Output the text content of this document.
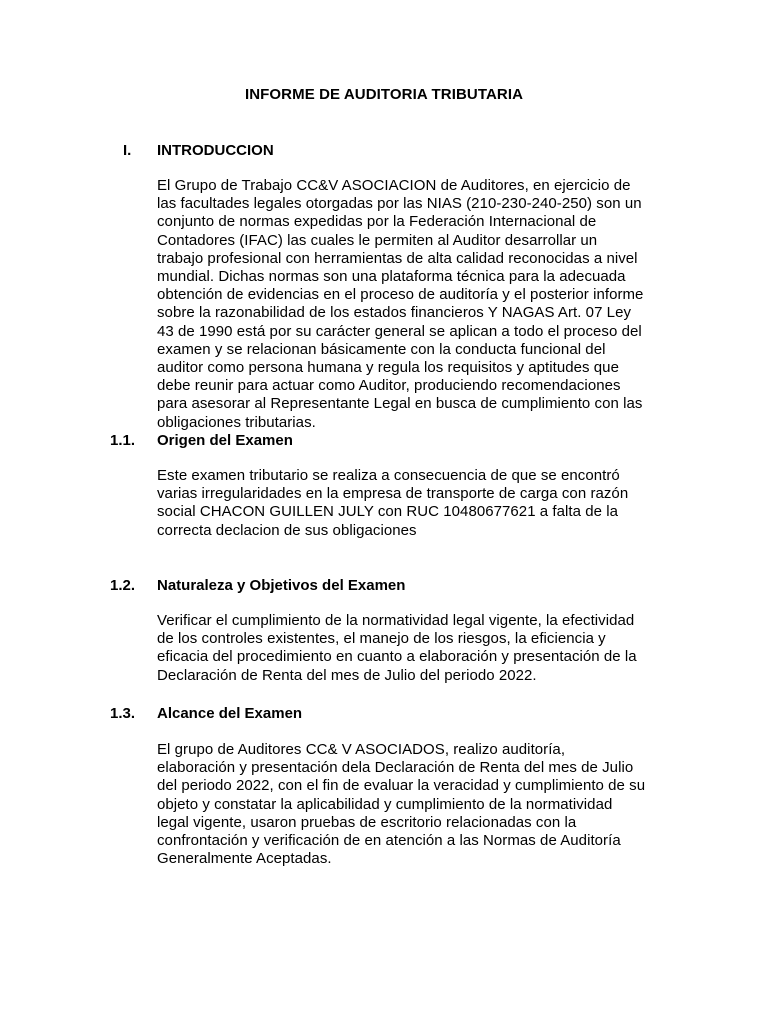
INFORME DE AUDITORIA TRIBUTARIA
I. INTRODUCCION
El Grupo de Trabajo CC&V ASOCIACION de Auditores, en ejercicio de
las facultades legales otorgadas por las NIAS (210-230-240-250) son un
conjunto de normas expedidas por la Federación Internacional de
Contadores (IFAC) las cuales le permiten al Auditor desarrollar un
trabajo profesional con herramientas de alta calidad reconocidas a nivel
mundial. Dichas normas son una plataforma técnica para la adecuada
obtención de evidencias en el proceso de auditoría y el posterior informe
sobre la razonabilidad de los estados financieros Y NAGAS Art. 07 Ley
43 de 1990 está por su carácter general se aplican a todo el proceso del
examen y se relacionan básicamente con la conducta funcional del
auditor como persona humana y regula los requisitos y aptitudes que
debe reunir para actuar como Auditor, produciendo recomendaciones
para asesorar al Representante Legal en busca de cumplimiento con las
obligaciones tributarias.
1.1. Origen del Examen
Este examen tributario se realiza a consecuencia de que se encontró
varias irregularidades en la empresa de transporte de carga con razón
social CHACON GUILLEN JULY con RUC 10480677621 a falta de la
correcta declacion de sus obligaciones
1.2. Naturaleza y Objetivos del Examen
Verificar el cumplimiento de la normatividad legal vigente, la efectividad
de los controles existentes, el manejo de los riesgos, la eficiencia y
eficacia del procedimiento en cuanto a elaboración y presentación de la
Declaración de Renta del mes de Julio del periodo 2022.
1.3. Alcance del Examen
El grupo de Auditores CC& V ASOCIADOS, realizo auditoría,
elaboración y presentación dela Declaración de Renta del mes de Julio
del periodo 2022, con el fin de evaluar la veracidad y cumplimiento de su
objeto y constatar la aplicabilidad y cumplimiento de la normatividad
legal vigente, usaron pruebas de escritorio relacionadas con la
confrontación y verificación de en atención a las Normas de Auditoría
Generalmente Aceptadas.
